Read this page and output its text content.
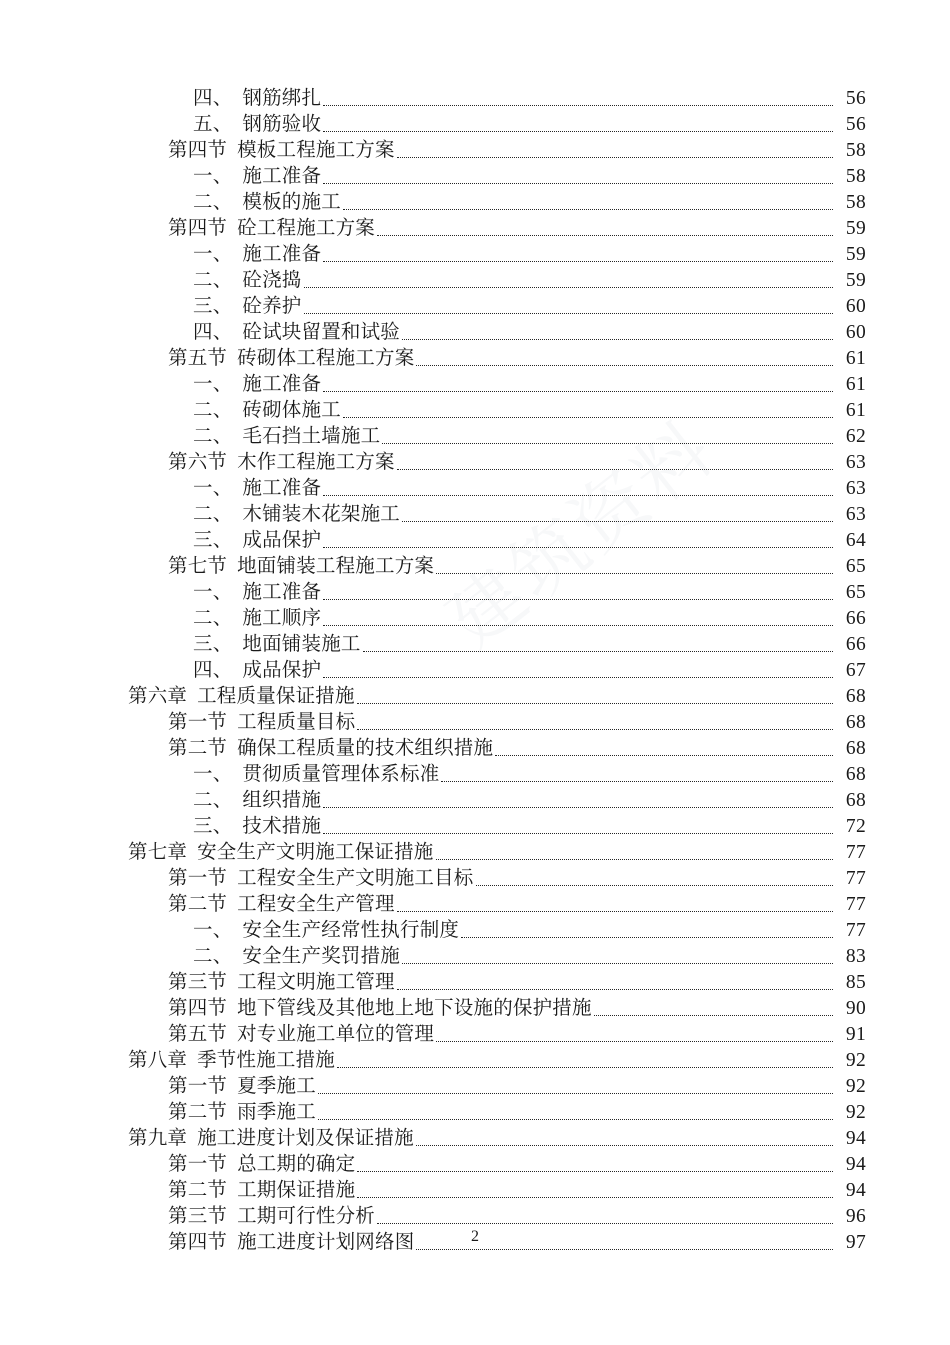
建筑资料
四、 钢筋绑扎	56
五、 钢筋验收	56
第四节 模板工程施工方案	58
一、 施工准备	58
二、 模板的施工	58
第四节 砼工程施工方案	59
一、 施工准备	59
二、 砼浇捣	59
三、 砼养护	60
四、 砼试块留置和试验	60
第五节 砖砌体工程施工方案	61
一、 施工准备	61
二、 砖砌体施工	61
二、 毛石挡土墙施工	62
第六节 木作工程施工方案	63
一、 施工准备	63
二、 木铺装木花架施工	63
三、 成品保护	64
第七节 地面铺装工程施工方案	65
一、 施工准备	65
二、 施工顺序	66
三、 地面铺装施工	66
四、 成品保护	67
第六章 工程质量保证措施	68
第一节 工程质量目标	68
第二节 确保工程质量的技术组织措施	68
一、 贯彻质量管理体系标准	68
二、 组织措施	68
三、 技术措施	72
第七章 安全生产文明施工保证措施	77
第一节 工程安全生产文明施工目标	77
第二节 工程安全生产管理	77
一、 安全生产经常性执行制度	77
二、 安全生产奖罚措施	83
第三节 工程文明施工管理	85
第四节 地下管线及其他地上地下设施的保护措施	90
第五节 对专业施工单位的管理	91
第八章 季节性施工措施	92
第一节 夏季施工	92
第二节 雨季施工	92
第九章 施工进度计划及保证措施	94
第一节 总工期的确定	94
第二节 工期保证措施	94
第三节 工期可行性分析	96
第四节 施工进度计划网络图	97
2
